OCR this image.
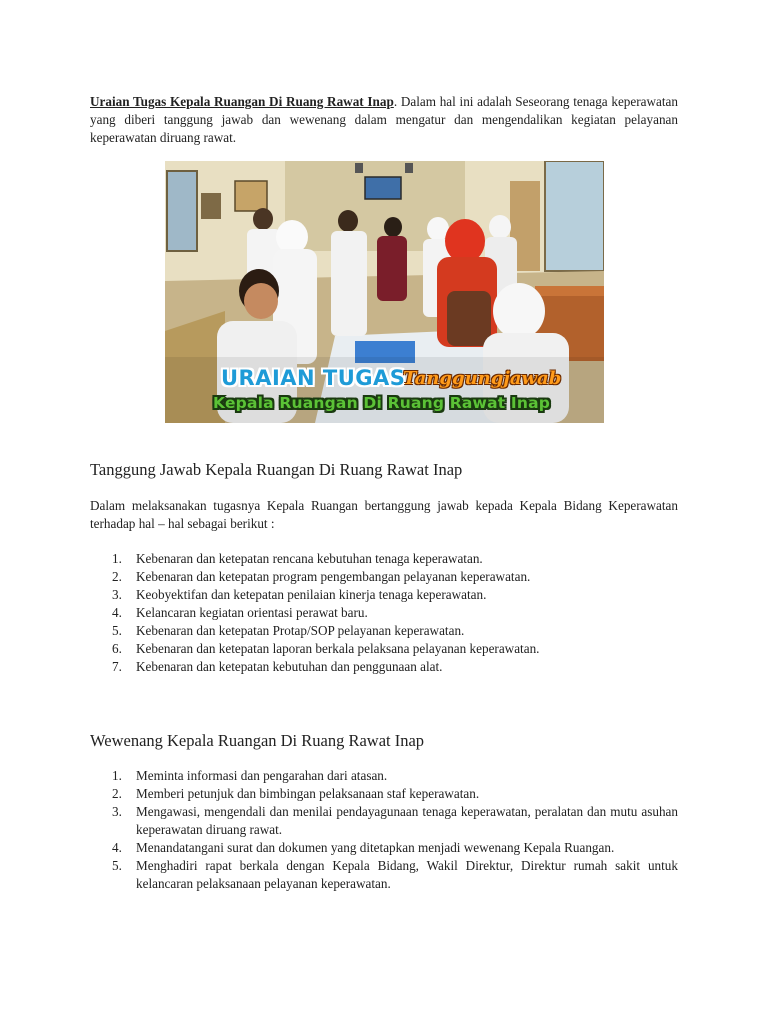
Uraian Tugas Kepala Ruangan Di Ruang Rawat Inap. Dalam hal ini adalah Seseorang tenaga keperawatan yang diberi tanggung jawab dan wewenang dalam mengatur dan mengendalikan kegiatan pelayanan keperawatan diruang rawat.

URAIAN TUGAS
Tanggungjawab
Kepala Ruangan Di Ruang Rawat Inap
Tanggung Jawab Kepala Ruangan Di Ruang Rawat Inap

Dalam melaksanakan tugasnya Kepala Ruangan bertanggung jawab kepada Kepala Bidang Keperawatan terhadap hal – hal sebagai berikut :

1. Kebenaran dan ketepatan rencana kebutuhan tenaga keperawatan.
2. Kebenaran dan ketepatan program pengembangan pelayanan keperawatan.
3. Keobyektifan dan ketepatan penilaian kinerja tenaga keperawatan.
4. Kelancaran kegiatan orientasi perawat baru.
5. Kebenaran dan ketepatan Protap/SOP pelayanan keperawatan.
6. Kebenaran dan ketepatan laporan berkala pelaksana pelayanan keperawatan.
7. Kebenaran dan ketepatan kebutuhan dan penggunaan alat.
Wewenang Kepala Ruangan Di Ruang Rawat Inap
1. Meminta informasi dan pengarahan dari atasan.
2. Memberi petunjuk dan bimbingan pelaksanaan staf keperawatan.
3. Mengawasi, mengendali dan menilai pendayagunaan tenaga keperawatan, peralatan dan mutu asuhan keperawatan diruang rawat.
4. Menandatangani surat dan dokumen yang ditetapkan menjadi wewenang Kepala Ruangan.
5. Menghadiri rapat berkala dengan Kepala Bidang, Wakil Direktur, Direktur rumah sakit untuk kelancaran pelaksanaan pelayanan keperawatan.
